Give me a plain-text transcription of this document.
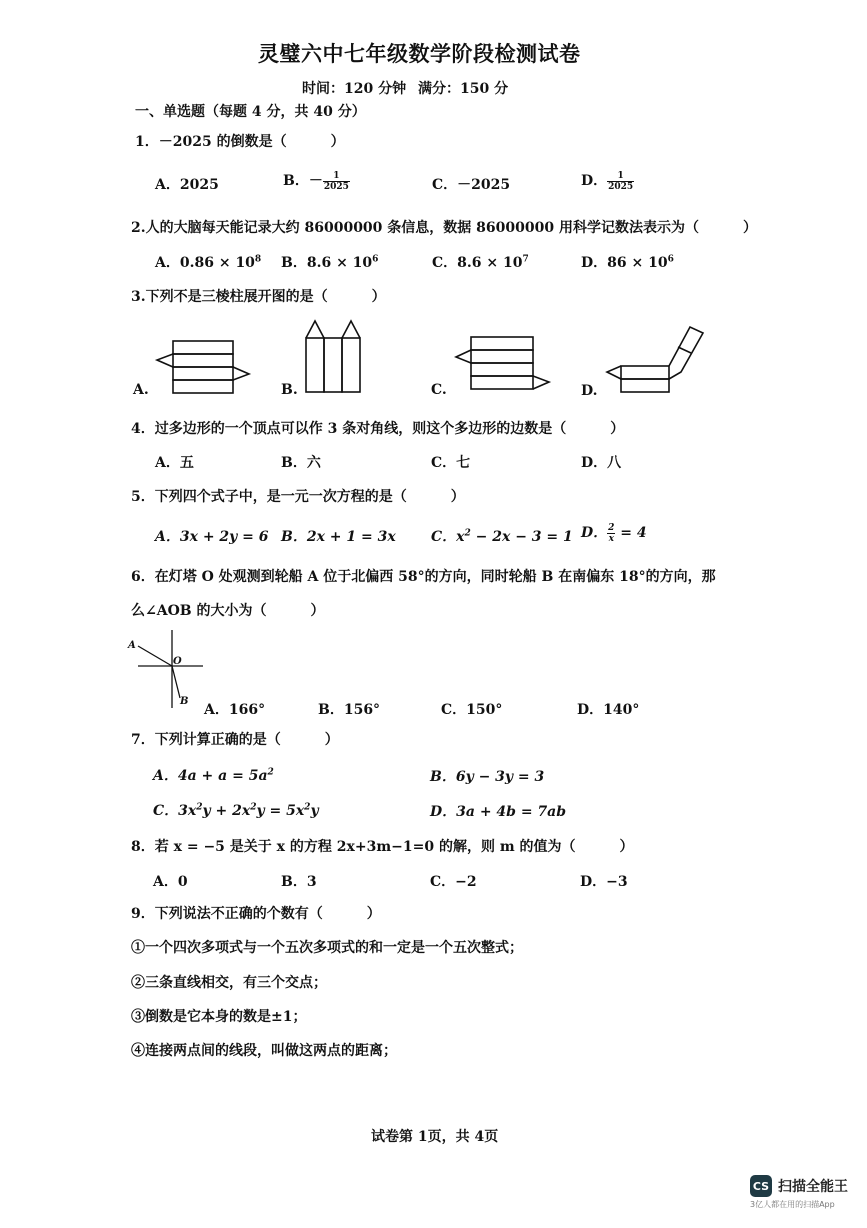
灵璧六中七年级数学阶段检测试卷
时间：120 分钟 满分：150 分
一、单选题（每题 4 分，共 40 分）
1．－2025 的倒数是（	）
A．2025	B．－ $\frac{1}{2025}$	C．－2025	D． $\frac{1}{2025}$
2.人的大脑每天能记录大约 86000000 条信息，数据 86000000 用科学记数法表示为（	）
A．$0.86 \times 10^8$ B．$8.6 \times 10^6$	C．$8.6 \times 10^7$	D．$86 \times 10^6$
3.下列不是三棱柱展开图的是（	）
A.	B.	C.	D.
4．过多边形的一个顶点可以作 3 条对角线，则这个多边形的边数是（	）
A．五	B．六	C．七	D．八
5．下列四个式子中，是一元一次方程的是（	）
A．3x + 2y = 6 B．2x + 1 = 3x	C．$x^2 - 2x - 3 = 1$ D． $\frac{2}{x} = 4$
6．在灯塔 O 处观测到轮船 A 位于北偏西 58°的方向，同时轮船 B 在南偏东 18°的方向，那
么∠AOB 的大小为（	）
A
O
B
A．166°	B．156°	C．150°	D．140°
7．下列计算正确的是（	）
A．$4a + a = 5a^2$	B．6y − 3y = 3
C．$3x^2y + 2x^2y = 5x^2y$	D．3a + 4b = 7ab
8．若 x = −5 是关于 x 的方程 2x+3m−1=0 的解，则 m 的值为（	）
A．0	B．3	C．−2	D．−3
9．下列说法不正确的个数有（	）
①一个四次多项式与一个五次多项式的和一定是一个五次整式；
②三条直线相交，有三个交点；
③倒数是它本身的数是±1；
④连接两点间的线段，叫做这两点的距离；
试卷第 1页，共 4页
CS 扫描全能王
3亿人都在用的扫描App
